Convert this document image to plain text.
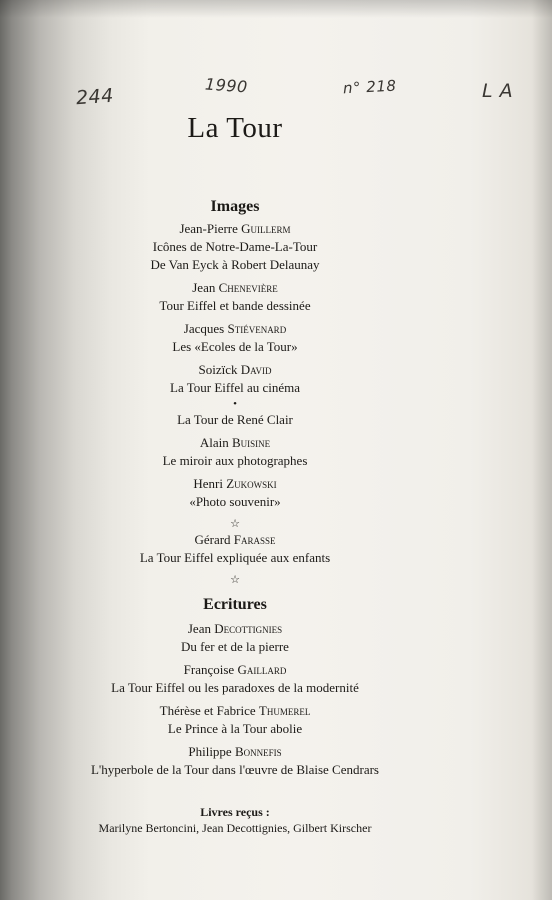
244	1990	n° 218	L A
La Tour
Images
Jean-Pierre Guillerm
Icônes de Notre-Dame-La-Tour
De Van Eyck à Robert Delaunay
Jean Chenevière
Tour Eiffel et bande dessinée
Jacques Stiévenard
Les «Ecoles de la Tour»
Soizïck David
La Tour Eiffel au cinéma
•
La Tour de René Clair
Alain Buisine
Le miroir aux photographes
Henri Zukowski
«Photo souvenir»
☆
Gérard Farasse
La Tour Eiffel expliquée aux enfants
☆
Ecritures
Jean Decottignies
Du fer et de la pierre
Françoise Gaillard
La Tour Eiffel ou les paradoxes de la modernité
Thérèse et Fabrice Thumerel
Le Prince à la Tour abolie
Philippe Bonnefis
L'hyperbole de la Tour dans l'œuvre de Blaise Cendrars
Livres reçus :
Marilyne Bertoncini, Jean Decottignies, Gilbert Kirscher
